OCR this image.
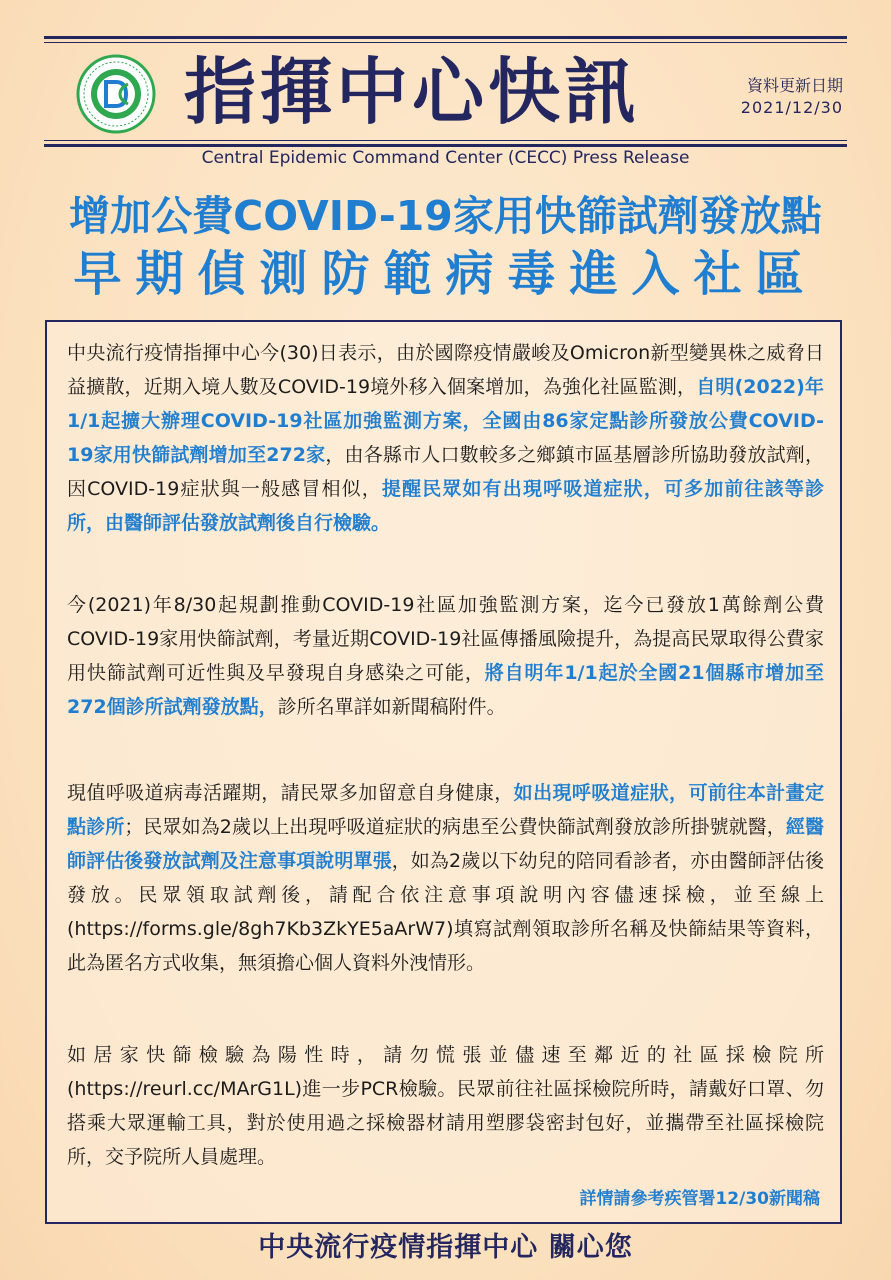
指揮中心快訊	資料更新日期
2021/12/30
Central Epidemic Command Center (CECC) Press Release
增加公費COVID-19家用快篩試劑發放點
早期偵測防範病毒進入社區

中央流行疫情指揮中心今(30)日表示，由於國際疫情嚴峻及Omicron新型變異株之威脅日益擴散，近期入境人數及COVID-19境外移入個案增加，為強化社區監測，自明(2022)年1/1起擴大辦理COVID-19社區加強監測方案，全國由86家定點診所發放公費COVID-19家用快篩試劑增加至272家，由各縣市人口數較多之鄉鎮市區基層診所協助發放試劑，因COVID-19症狀與一般感冒相似，提醒民眾如有出現呼吸道症狀，可多加前往該等診所，由醫師評估發放試劑後自行檢驗。

今(2021)年8/30起規劃推動COVID-19社區加強監測方案，迄今已發放1萬餘劑公費COVID-19家用快篩試劑，考量近期COVID-19社區傳播風險提升，為提高民眾取得公費家用快篩試劑可近性與及早發現自身感染之可能，將自明年1/1起於全國21個縣市增加至272個診所試劑發放點，診所名單詳如新聞稿附件。

現值呼吸道病毒活躍期，請民眾多加留意自身健康，如出現呼吸道症狀，可前往本計畫定點診所；民眾如為2歲以上出現呼吸道症狀的病患至公費快篩試劑發放診所掛號就醫，經醫師評估後發放試劑及注意事項說明單張，如為2歲以下幼兒的陪同看診者，亦由醫師評估後發放。民眾領取試劑後，請配合依注意事項說明內容儘速採檢，並至線上(https://forms.gle/8gh7Kb3ZkYE5aArW7)填寫試劑領取診所名稱及快篩結果等資料，此為匿名方式收集，無須擔心個人資料外洩情形。

如居家快篩檢驗為陽性時，請勿慌張並儘速至鄰近的社區採檢院所(https://reurl.cc/MArG1L)進一步PCR檢驗。民眾前往社區採檢院所時，請戴好口罩、勿搭乘大眾運輸工具，對於使用過之採檢器材請用塑膠袋密封包好，並攜帶至社區採檢院所，交予院所人員處理。

詳情請參考疾管署12/30新聞稿
中央流行疫情指揮中心 關心您
